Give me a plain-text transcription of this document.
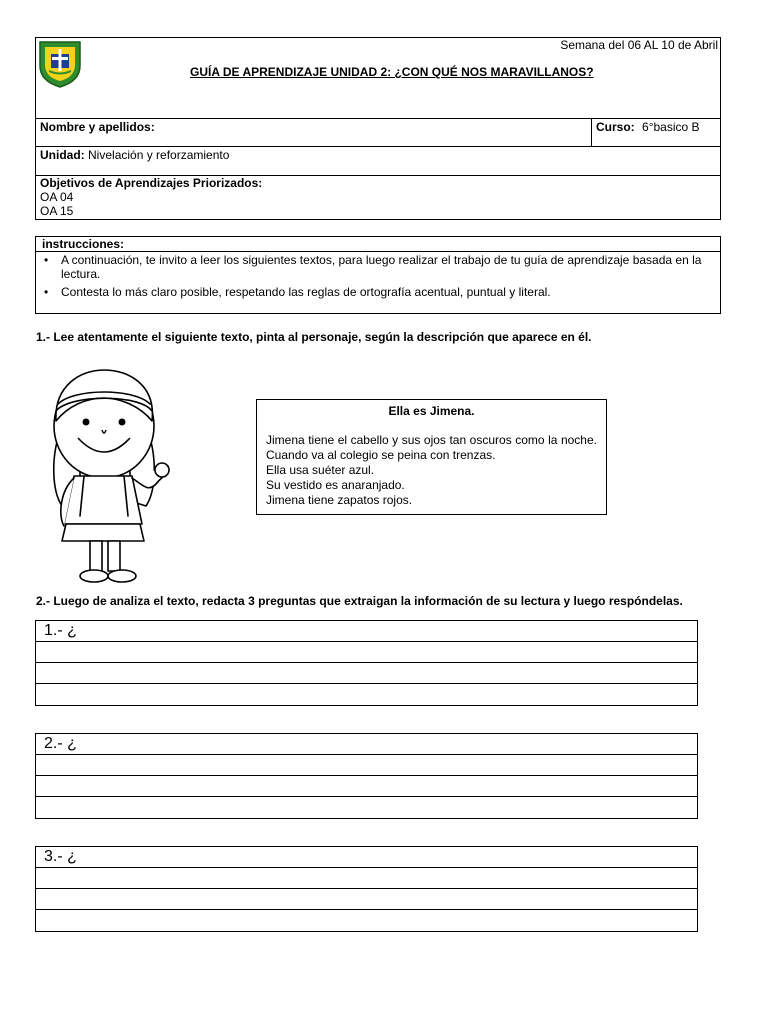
Semana del 06 AL 10 de Abril
GUÍA DE APRENDIZAJE UNIDAD 2: ¿CON QUÉ NOS MARAVILLANOS?
Nombre y apellidos:	Curso: 6°basico B
Unidad: Nivelación y reforzamiento
Objetivos de Aprendizajes Priorizados:
OA 04
OA 15
instrucciones:
• A continuación, te invito a leer los siguientes textos, para luego realizar el trabajo de tu guía de aprendizaje basada en la lectura.
• Contesta lo más claro posible, respetando las reglas de ortografía acentual, puntual y literal.
1.- Lee atentamente el siguiente texto, pinta al personaje, según la descripción que aparece en él.
Ella es Jimena.
Jimena tiene el cabello y sus ojos tan oscuros como la noche. Cuando va al colegio se peina con trenzas.
Ella usa suéter azul.
Su vestido es anaranjado.
Jimena tiene zapatos rojos.
2.- Luego de analiza el texto, redacta 3 preguntas que extraigan la información de su lectura y luego respóndelas.
1.- ¿
2.- ¿
3.- ¿
